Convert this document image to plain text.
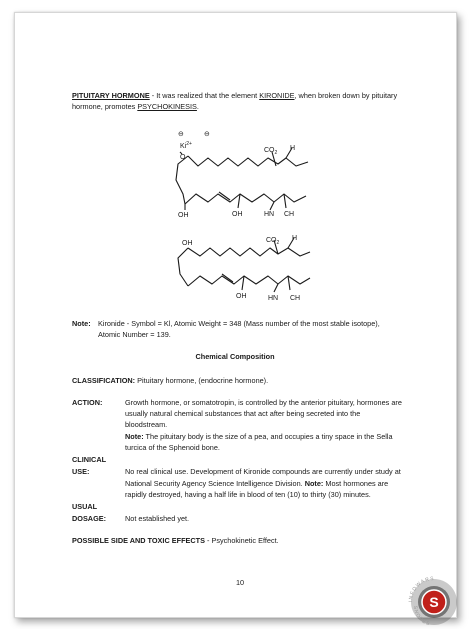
PITUITARY HORMONE - It was realized that the element KIRONIDE, when broken down by pituitary
hormone, promotes PSYCHOKINESIS.
⊖	⊖
$Ki^{2+}$
O
$CO_2$
H
OH	OH	HN CH
OH	$CO_2$
H
OH	HN CH
Note: Kironide - Symbol = Kl, Atomic Weight = 348 (Mass number of the most stable isotope),
Atomic Number = 139.
Chemical Composition
CLASSIFICATION: Pituitary hormone, (endocrine hormone).
ACTION:	Growth hormone, or somatotropin, is controlled by the anterior pituitary, hormones are
usually natural chemical substances that act after being secreted into the
bloodstream.
Note: The pituitary body is the size of a pea, and occupies a tiny space in the Sella
turcica of the Sphenoid bone.
CLINICAL
USE:	No real clinical use. Development of Kironide compounds are currently under study at
National Security Agency Science Intelligence Division. Note: Most hormones are
rapidly destroyed, having a half life in blood of ten (10) to thirty (30) minutes.
USUAL
DOSAGE:	Not established yet.
POSSIBLE SIDE AND TOXIC EFFECTS - Psychokinetic Effect.
10
S
INFOWARS
SNOPES
